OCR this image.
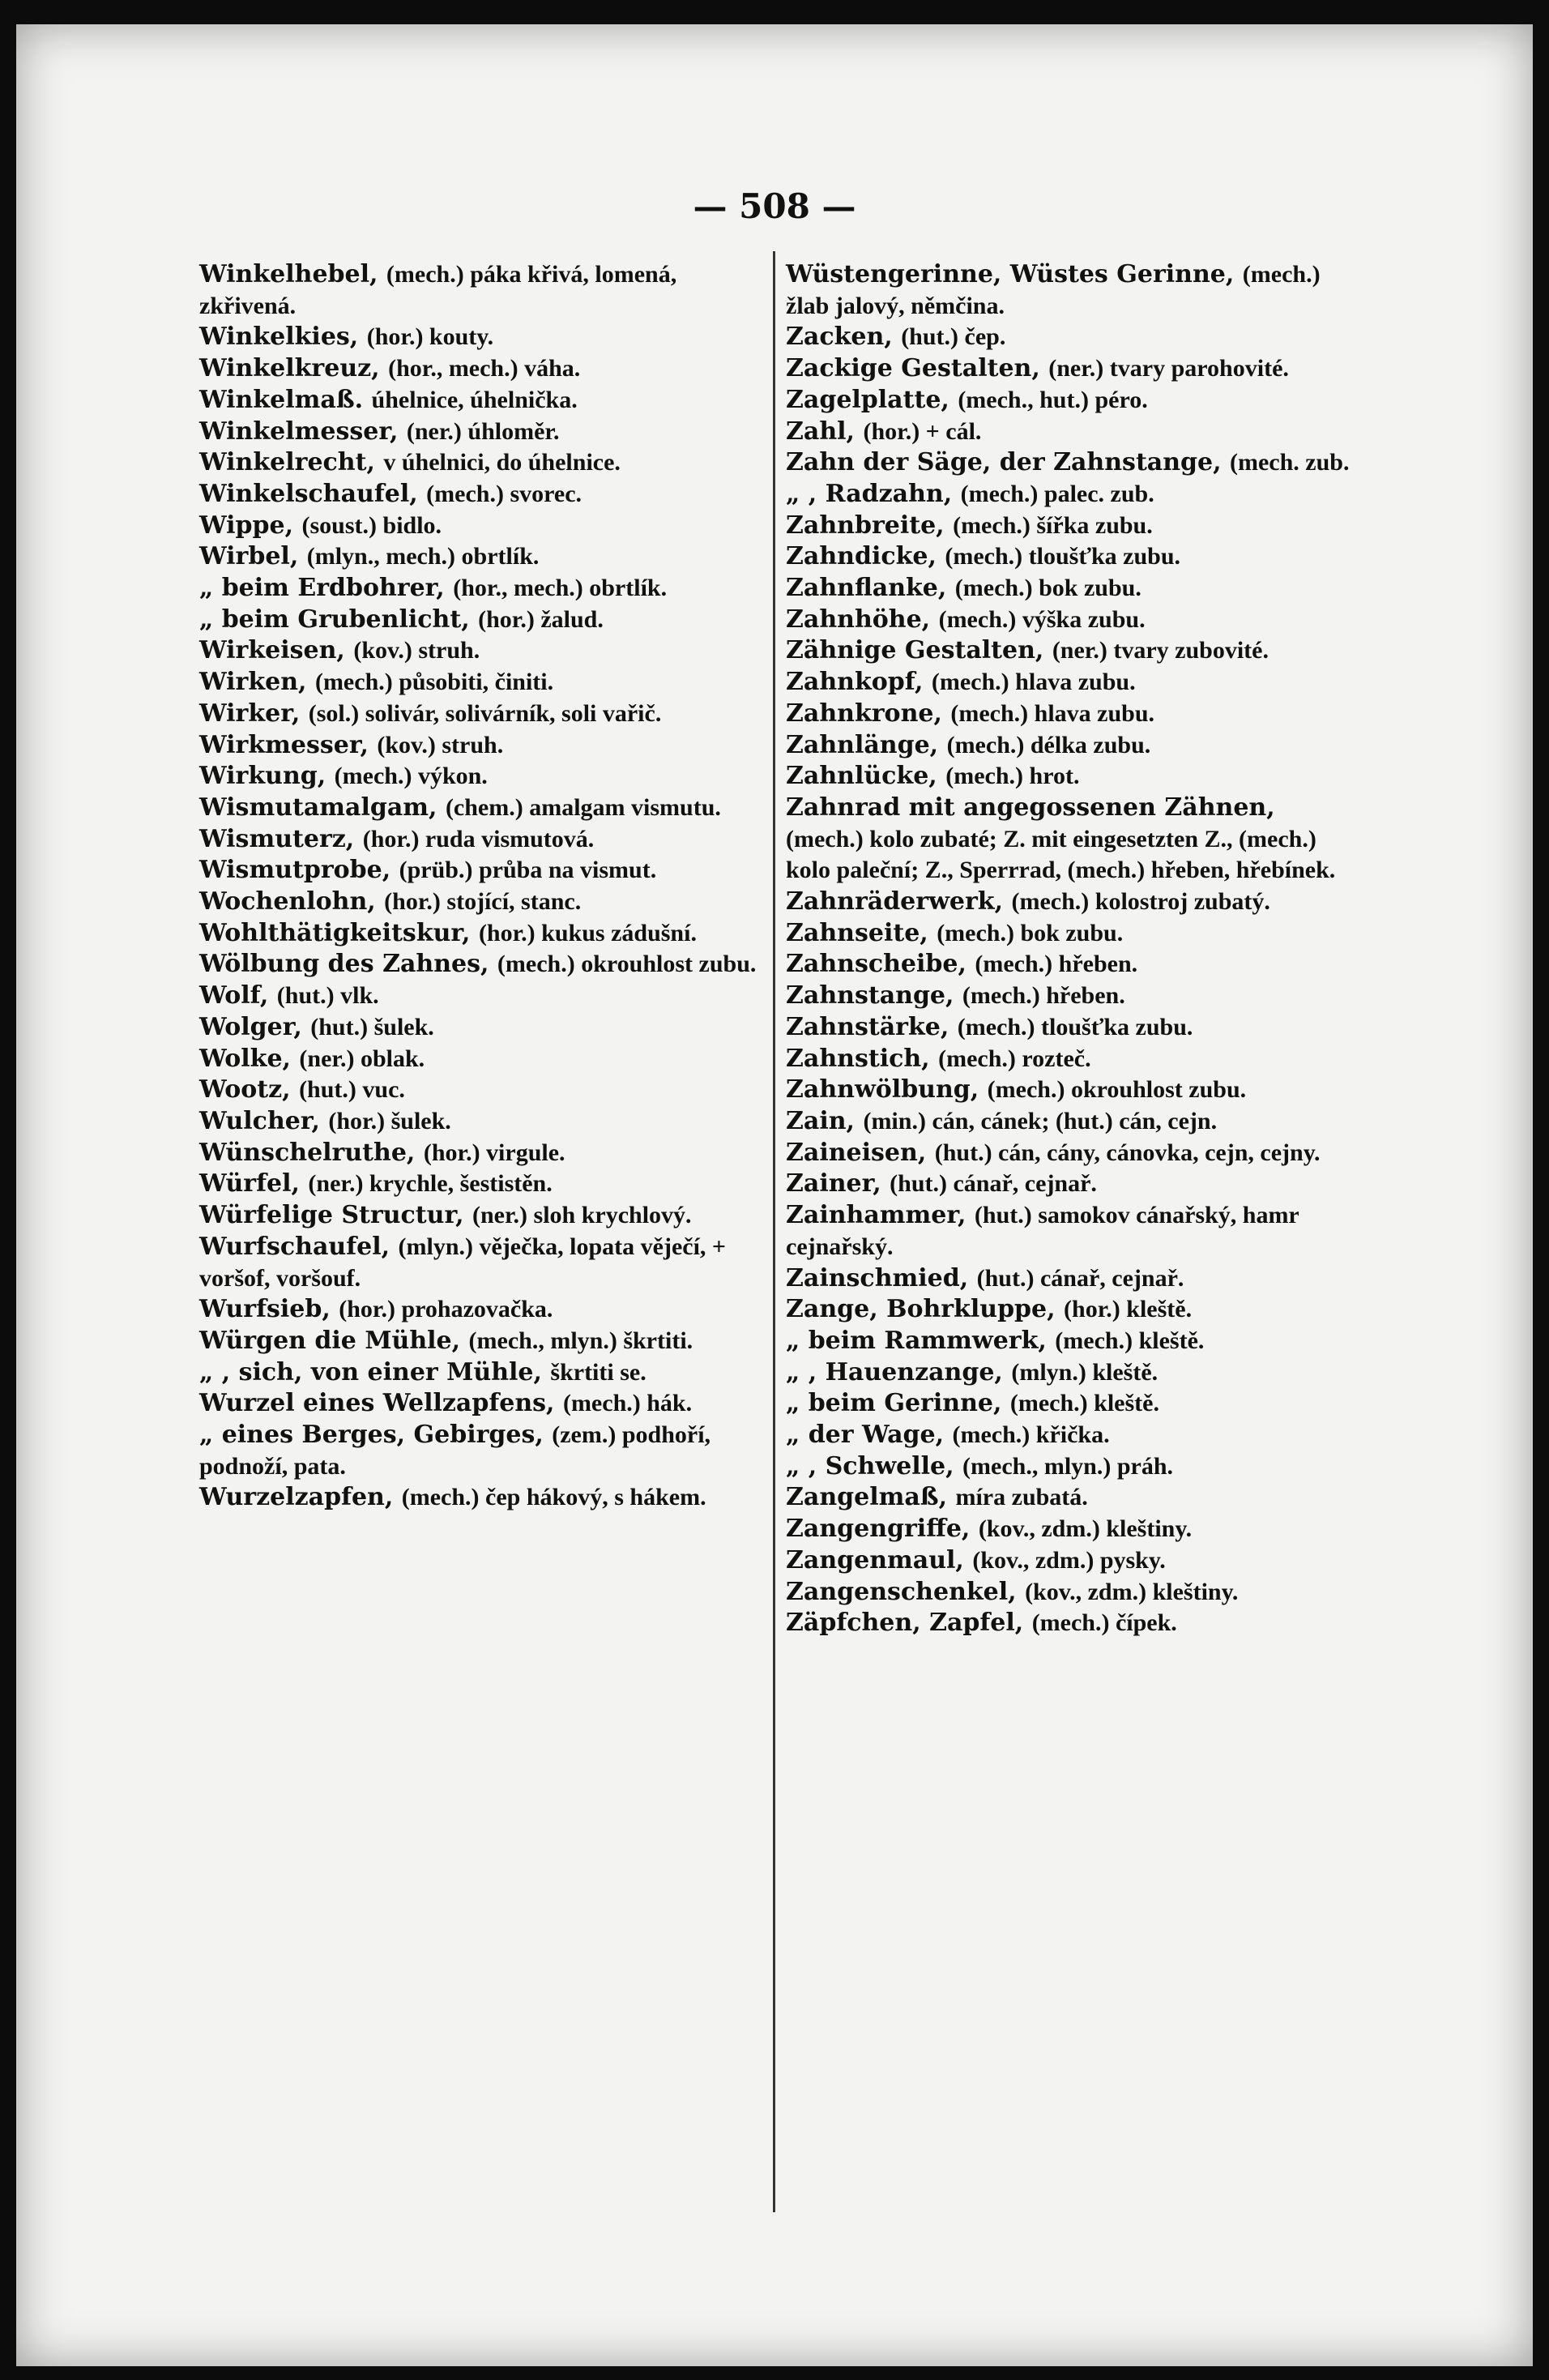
— 508 —

Winkelhebel, (mech.) páka křivá, lomená, zkřivená.

Winkelkies, (hor.) kouty.

Winkelkreuz, (hor., mech.) váha.

Winkelmaß. úhelnice, úhelnička.

Winkelmesser, (ner.) úhloměr.

Winkelrecht, v úhelnici, do úhelnice.

Winkelschaufel, (mech.) svorec.

Wippe, (soust.) bidlo.

Wirbel, (mlyn., mech.) obrtlík.

„ beim Erdbohrer, (hor., mech.) obrtlík.

„ beim Grubenlicht, (hor.) žalud.

Wirkeisen, (kov.) struh.

Wirken, (mech.) působiti, činiti.

Wirker, (sol.) solivár, solivárník, soli vařič.

Wirkmesser, (kov.) struh.

Wirkung, (mech.) výkon.

Wismutamalgam, (chem.) amalgam vismutu.

Wismuterz, (hor.) ruda vismutová.

Wismutprobe, (prüb.) průba na vismut.

Wochenlohn, (hor.) stojící, stanc.

Wohlthätigkeitskur, (hor.) kukus zádušní.

Wölbung des Zahnes, (mech.) okrouhlost zubu.

Wolf, (hut.) vlk.

Wolger, (hut.) šulek.

Wolke, (ner.) oblak.

Wootz, (hut.) vuc.

Wulcher, (hor.) šulek.

Wünschelruthe, (hor.) virgule.

Würfel, (ner.) krychle, šestistěn.

Würfelige Structur, (ner.) sloh krychlový.

Wurfschaufel, (mlyn.) věječka, lopata věječí, + voršof, voršouf.

Wurfsieb, (hor.) prohazovačka.

Würgen die Mühle, (mech., mlyn.) škrtiti.

„ , sich, von einer Mühle, škrtiti se.

Wurzel eines Wellzapfens, (mech.) hák.

„ eines Berges, Gebirges, (zem.) podhoří, podnoží, pata.

Wurzelzapfen, (mech.) čep hákový, s hákem.

Wüstengerinne, Wüstes Gerinne, (mech.) žlab jalový, němčina.

Zacken, (hut.) čep.

Zackige Gestalten, (ner.) tvary parohovité.

Zagelplatte, (mech., hut.) péro.

Zahl, (hor.) + cál.

Zahn der Säge, der Zahnstange, (mech. zub.

„ , Radzahn, (mech.) palec. zub.

Zahnbreite, (mech.) šířka zubu.

Zahndicke, (mech.) tloušťka zubu.

Zahnflanke, (mech.) bok zubu.

Zahnhöhe, (mech.) výška zubu.

Zähnige Gestalten, (ner.) tvary zubovité.

Zahnkopf, (mech.) hlava zubu.

Zahnkrone, (mech.) hlava zubu.

Zahnlänge, (mech.) délka zubu.

Zahnlücke, (mech.) hrot.

Zahnrad mit angegossenen Zähnen, (mech.) kolo zubaté; Z. mit eingesetzten Z., (mech.) kolo paleční; Z., Sperrrad, (mech.) hřeben, hřebínek.

Zahnräderwerk, (mech.) kolostroj zubatý.

Zahnseite, (mech.) bok zubu.

Zahnscheibe, (mech.) hřeben.

Zahnstange, (mech.) hřeben.

Zahnstärke, (mech.) tloušťka zubu.

Zahnstich, (mech.) rozteč.

Zahnwölbung, (mech.) okrouhlost zubu.

Zain, (min.) cán, cánek; (hut.) cán, cejn.

Zaineisen, (hut.) cán, cány, cánovka, cejn, cejny.

Zainer, (hut.) cánař, cejnař.

Zainhammer, (hut.) samokov cánařský, hamr cejnařský.

Zainschmied, (hut.) cánař, cejnař.

Zange, Bohrkluppe, (hor.) kleště.

„ beim Rammwerk, (mech.) kleště.

„ , Hauenzange, (mlyn.) kleště.

„ beim Gerinne, (mech.) kleště.

„ der Wage, (mech.) křička.

„ , Schwelle, (mech., mlyn.) práh.

Zangelmaß, míra zubatá.

Zangengriffe, (kov., zdm.) kleštiny.

Zangenmaul, (kov., zdm.) pysky.

Zangenschenkel, (kov., zdm.) kleštiny.

Zäpfchen, Zapfel, (mech.) čípek.
